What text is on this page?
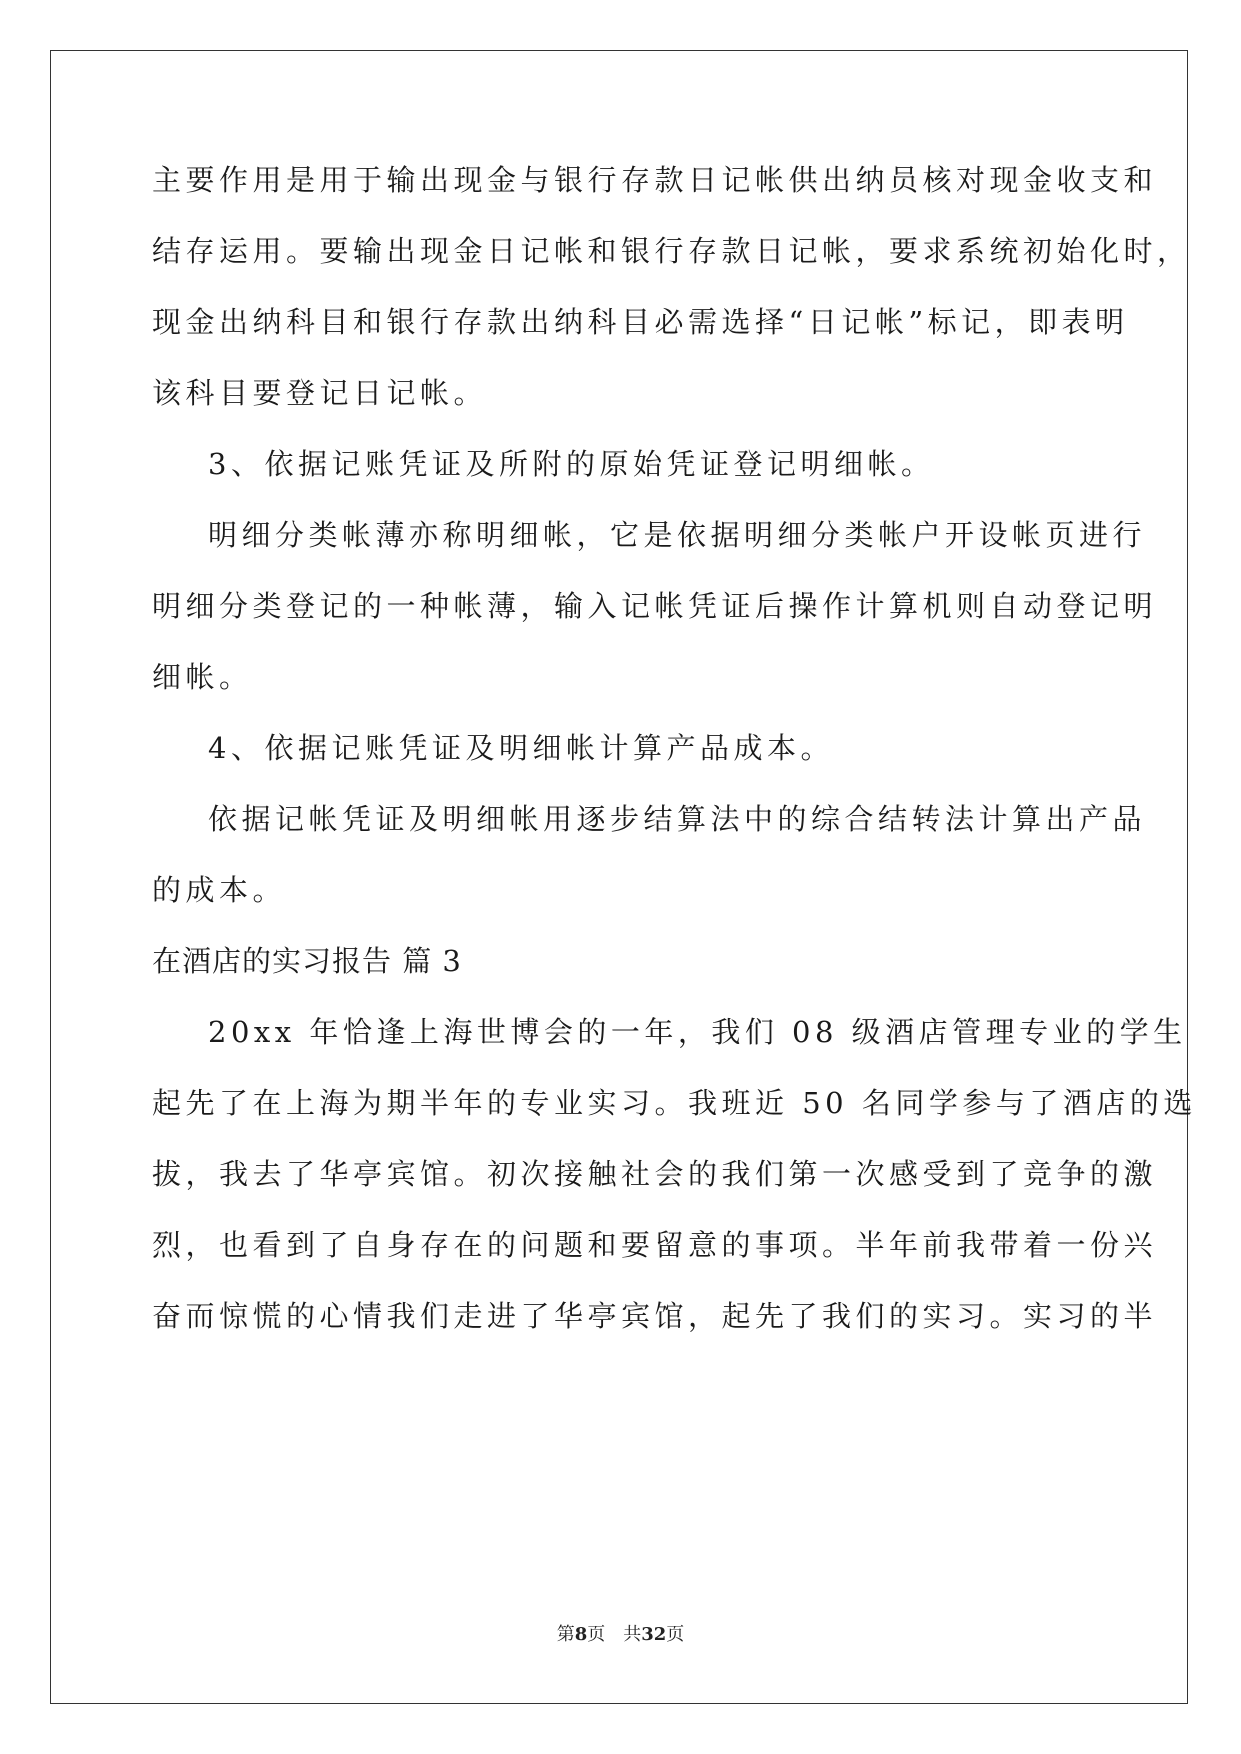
主要作用是用于输出现金与银行存款日记帐供出纳员核对现金收支和
结存运用。要输出现金日记帐和银行存款日记帐，要求系统初始化时，
现金出纳科目和银行存款出纳科目必需选择“日记帐”标记，即表明
该科目要登记日记帐。
3、依据记账凭证及所附的原始凭证登记明细帐。
明细分类帐薄亦称明细帐，它是依据明细分类帐户开设帐页进行
明细分类登记的一种帐薄，输入记帐凭证后操作计算机则自动登记明
细帐。
4、依据记账凭证及明细帐计算产品成本。
依据记帐凭证及明细帐用逐步结算法中的综合结转法计算出产品
的成本。
在酒店的实习报告 篇 3
20xx 年恰逢上海世博会的一年，我们 08 级酒店管理专业的学生
起先了在上海为期半年的专业实习。我班近 50 名同学参与了酒店的选
拔，我去了华亭宾馆。初次接触社会的我们第一次感受到了竞争的激
烈，也看到了自身存在的问题和要留意的事项。半年前我带着一份兴
奋而惊慌的心情我们走进了华亭宾馆，起先了我们的实习。实习的半
第8页　共32页
